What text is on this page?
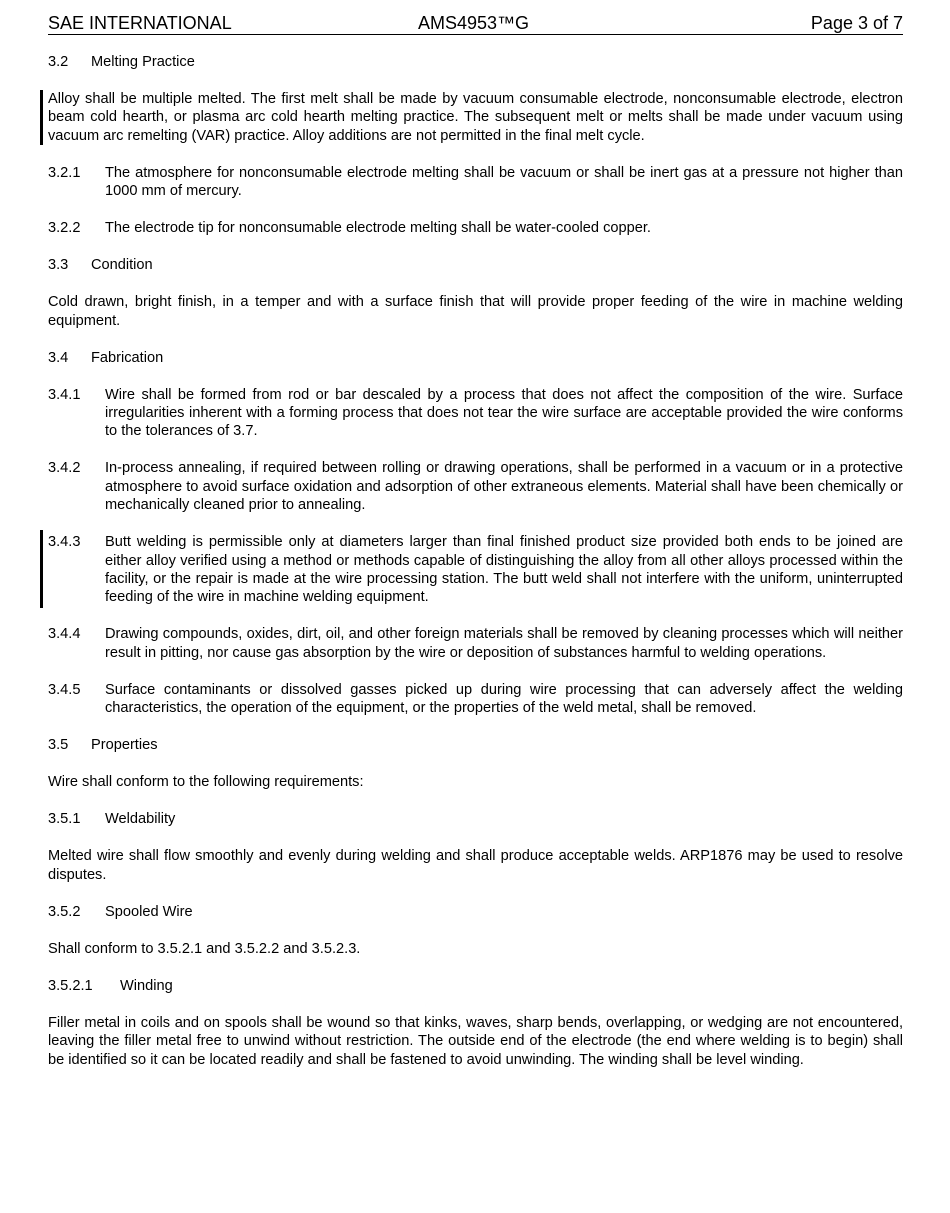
SAE INTERNATIONAL	AMS4953™G	Page 3 of 7
3.2 Melting Practice
Alloy shall be multiple melted. The first melt shall be made by vacuum consumable electrode, nonconsumable electrode, electron beam cold hearth, or plasma arc cold hearth melting practice. The subsequent melt or melts shall be made under vacuum using vacuum arc remelting (VAR) practice. Alloy additions are not permitted in the final melt cycle.
3.2.1 The atmosphere for nonconsumable electrode melting shall be vacuum or shall be inert gas at a pressure not higher than 1000 mm of mercury.
3.2.2 The electrode tip for nonconsumable electrode melting shall be water-cooled copper.
3.3 Condition
Cold drawn, bright finish, in a temper and with a surface finish that will provide proper feeding of the wire in machine welding equipment.
3.4 Fabrication
3.4.1 Wire shall be formed from rod or bar descaled by a process that does not affect the composition of the wire. Surface irregularities inherent with a forming process that does not tear the wire surface are acceptable provided the wire conforms to the tolerances of 3.7.
3.4.2 In-process annealing, if required between rolling or drawing operations, shall be performed in a vacuum or in a protective atmosphere to avoid surface oxidation and adsorption of other extraneous elements. Material shall have been chemically or mechanically cleaned prior to annealing.
3.4.3 Butt welding is permissible only at diameters larger than final finished product size provided both ends to be joined are either alloy verified using a method or methods capable of distinguishing the alloy from all other alloys processed within the facility, or the repair is made at the wire processing station. The butt weld shall not interfere with the uniform, uninterrupted feeding of the wire in machine welding equipment.
3.4.4 Drawing compounds, oxides, dirt, oil, and other foreign materials shall be removed by cleaning processes which will neither result in pitting, nor cause gas absorption by the wire or deposition of substances harmful to welding operations.
3.4.5 Surface contaminants or dissolved gasses picked up during wire processing that can adversely affect the welding characteristics, the operation of the equipment, or the properties of the weld metal, shall be removed.
3.5 Properties
Wire shall conform to the following requirements:
3.5.1 Weldability
Melted wire shall flow smoothly and evenly during welding and shall produce acceptable welds. ARP1876 may be used to resolve disputes.
3.5.2 Spooled Wire
Shall conform to 3.5.2.1 and 3.5.2.2 and 3.5.2.3.
3.5.2.1 Winding
Filler metal in coils and on spools shall be wound so that kinks, waves, sharp bends, overlapping, or wedging are not encountered, leaving the filler metal free to unwind without restriction. The outside end of the electrode (the end where welding is to begin) shall be identified so it can be located readily and shall be fastened to avoid unwinding. The winding shall be level winding.
